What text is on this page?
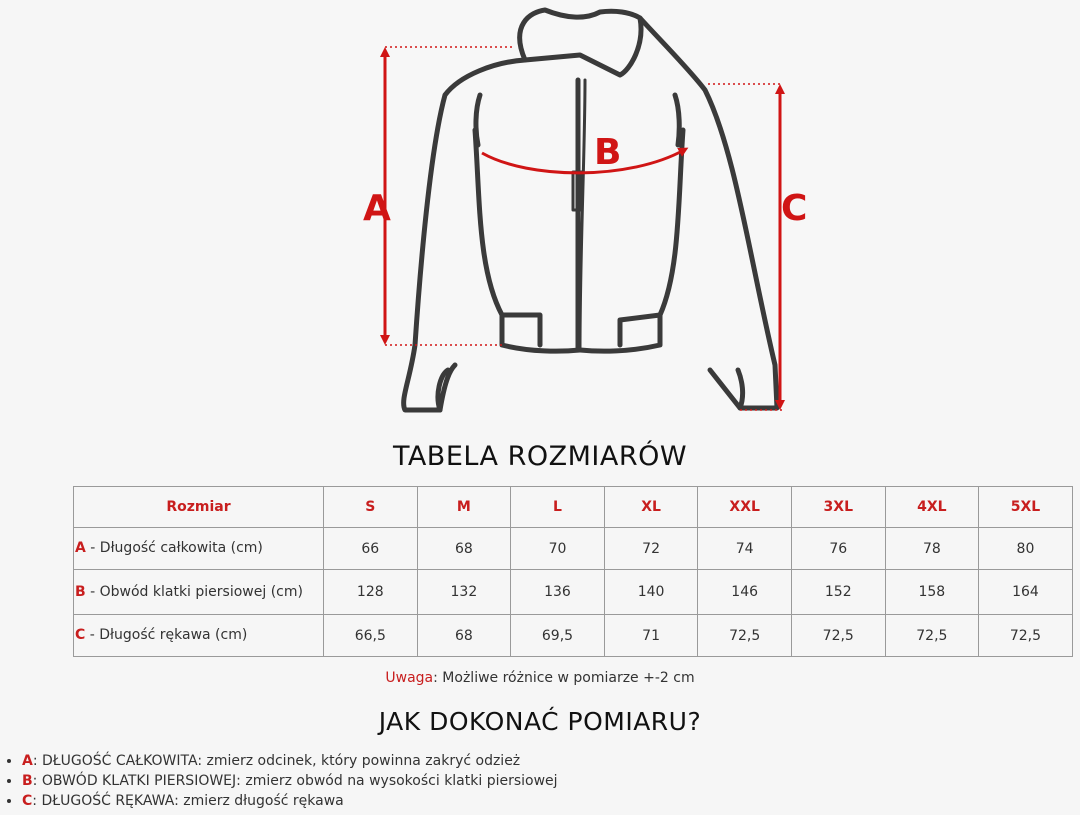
A
B
C
TABELA ROZMIARÓW
Rozmiar	S	M	L	XL	XXL	3XL	4XL	5XL
A - Długość całkowita (cm)	66	68	70	72	74	76	78	80
B - Obwód klatki piersiowej (cm)	128	132	136	140	146	152	158	164
C - Długość rękawa (cm)	66,5	68	69,5	71	72,5	72,5	72,5	72,5
Uwaga: Możliwe różnice w pomiarze +-2 cm
JAK DOKONAĆ POMIARU?
• A: DŁUGOŚĆ CAŁKOWITA: zmierz odcinek, który powinna zakryć odzież
• B: OBWÓD KLATKI PIERSIOWEJ: zmierz obwód na wysokości klatki piersiowej
• C: DŁUGOŚĆ RĘKAWA: zmierz długość rękawa
